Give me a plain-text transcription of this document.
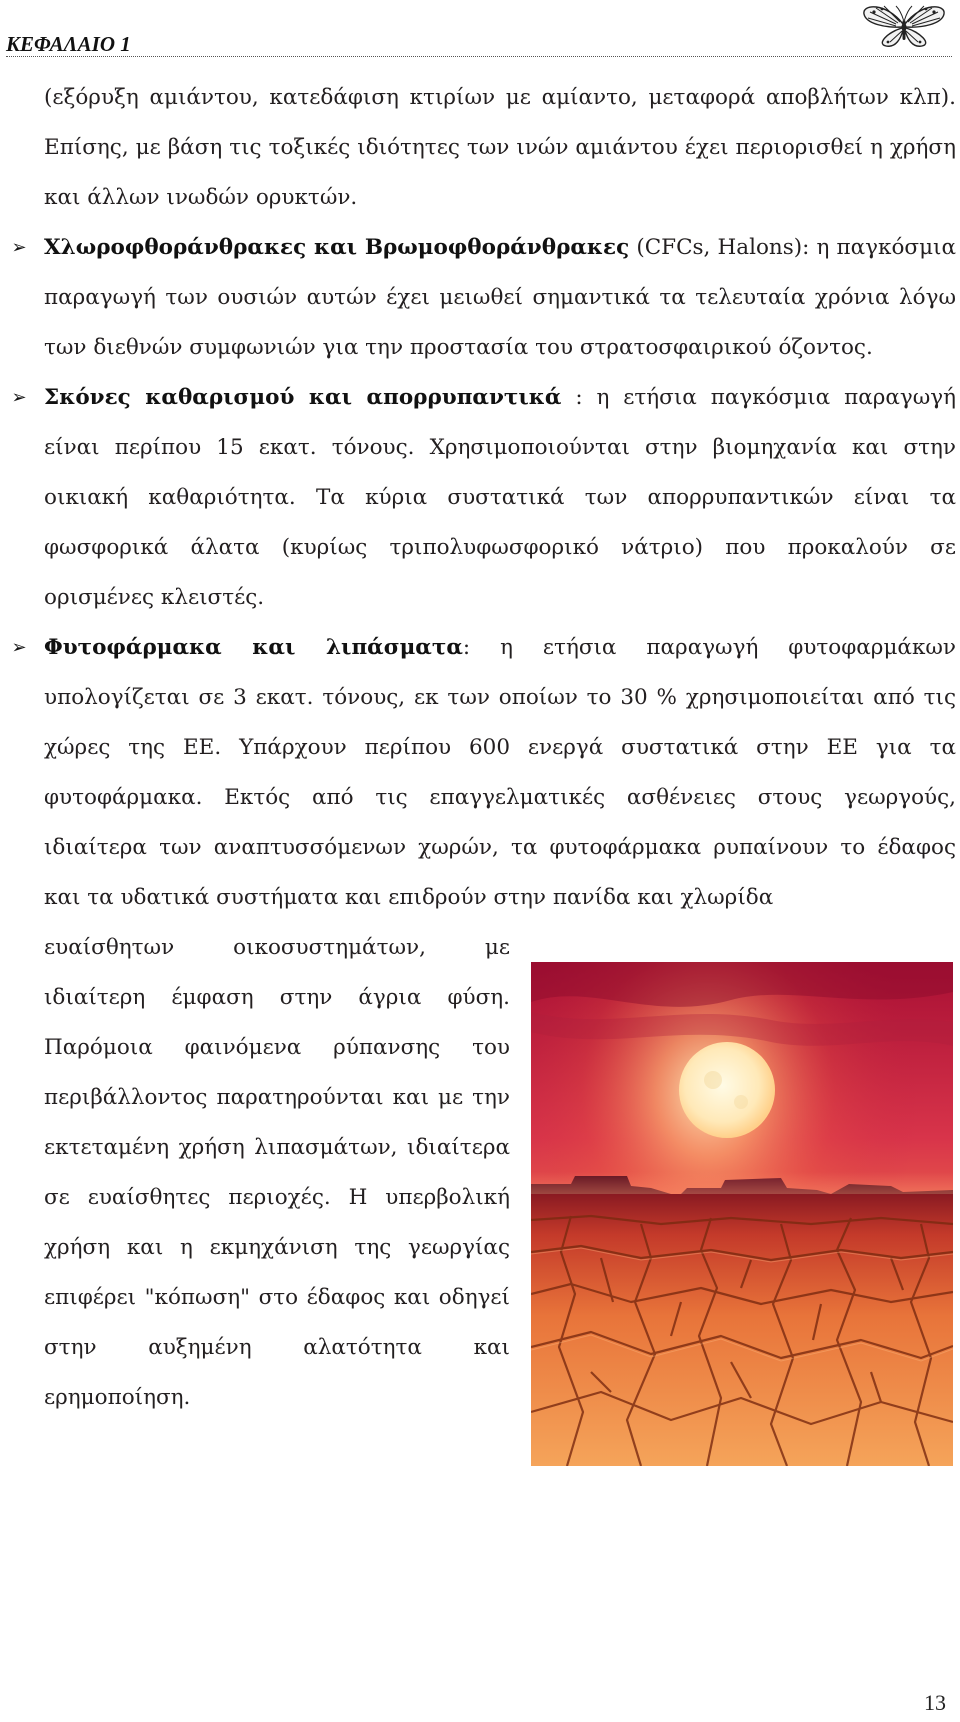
ΚΕΦΑΛΑΙΟ 1

(εξόρυξη αμιάντου, κατεδάφιση κτιρίων με αμίαντο, μεταφορά αποβλήτων κλπ). Επίσης, με βάση τις τοξικές ιδιότητες των ινών αμιάντου έχει περιορισθεί η χρήση και άλλων ινωδών ορυκτών.

➢ Χλωροφθοράνθρακες και Βρωμοφθοράνθρακες (CFCs, Halons): η παγκόσμια παραγωγή των ουσιών αυτών έχει μειωθεί σημαντικά τα τελευταία χρόνια λόγω των διεθνών συμφωνιών για την προστασία του στρατοσφαιρικού όζοντος.
➢ Σκόνες καθαρισμού και απορρυπαντικά : η ετήσια παγκόσμια παραγωγή είναι περίπου 15 εκατ. τόνους. Χρησιμοποιούνται στην βιομηχανία και στην οικιακή καθαριότητα. Τα κύρια συστατικά των απορρυπαντικών είναι τα φωσφορικά άλατα (κυρίως τριπολυφωσφορικό νάτριο) που προκαλούν σε ορισμένες κλειστές.
➢ Φυτοφάρμακα και λιπάσματα: η ετήσια παραγωγή φυτοφαρμάκων υπολογίζεται σε 3 εκατ. τόνους, εκ των οποίων το 30 % χρησιμοποιείται από τις χώρες της ΕΕ. Υπάρχουν περίπου 600 ενεργά συστατικά στην ΕΕ για τα φυτοφάρμακα. Εκτός από τις επαγγελματικές ασθένειες στους γεωργούς, ιδιαίτερα των αναπτυσσόμενων χωρών, τα φυτοφάρμακα ρυπαίνουν το έδαφος και τα υδατικά συστήματα και επιδρούν στην πανίδα και χλωρίδα

ευαίσθητων οικοσυστημάτων, με ιδιαίτερη έμφαση στην άγρια φύση. Παρόμοια φαινόμενα ρύπανσης του περιβάλλοντος παρατηρούνται και με την εκτεταμένη χρήση λιπασμάτων, ιδιαίτερα σε ευαίσθητες περιοχές. Η υπερβολική χρήση και η εκμηχάνιση της γεωργίας επιφέρει "κόπωση" στο έδαφος και οδηγεί στην αυξημένη αλατότητα και ερημοποίηση.

13
